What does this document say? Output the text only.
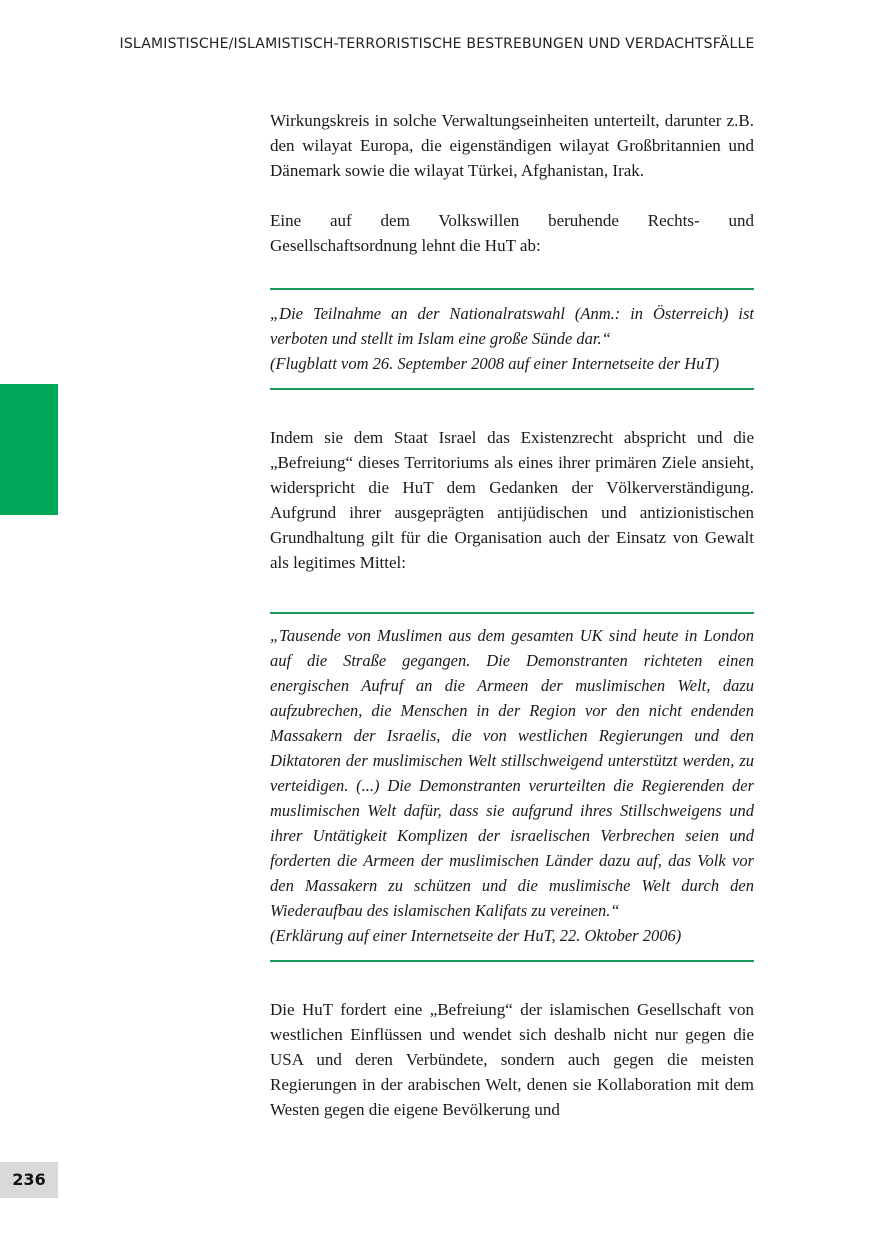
ISLAMISTISCHE/ISLAMISTISCH-TERRORISTISCHE BESTREBUNGEN UND VERDACHTSFÄLLE
236

Wirkungskreis in solche Verwaltungseinheiten unterteilt, darunter z.B. den wilayat Europa, die eigenständigen wilayat Großbritannien und Dänemark sowie die wilayat Türkei, Afghanistan, Irak.

Eine auf dem Volkswillen beruhende Rechts- und Gesellschaftsordnung lehnt die HuT ab:

„Die Teilnahme an der Nationalratswahl (Anm.: in Österreich) ist verboten und stellt im Islam eine große Sünde dar.“
(Flugblatt vom 26. September 2008 auf einer Internetseite der HuT)

Indem sie dem Staat Israel das Existenzrecht abspricht und die „Befreiung“ dieses Territoriums als eines ihrer primären Ziele ansieht, widerspricht die HuT dem Gedanken der Völkerverständigung. Aufgrund ihrer ausgeprägten antijüdischen und antizionistischen Grundhaltung gilt für die Organisation auch der Einsatz von Gewalt als legitimes Mittel:

„Tausende von Muslimen aus dem gesamten UK sind heute in London auf die Straße gegangen. Die Demonstranten richteten einen energischen Aufruf an die Armeen der muslimischen Welt, dazu aufzubrechen, die Menschen in der Region vor den nicht endenden Massakern der Israelis, die von westlichen Regierungen und den Diktatoren der muslimischen Welt stillschweigend unterstützt werden, zu verteidigen. (...) Die Demonstranten verurteilten die Regierenden der muslimischen Welt dafür, dass sie aufgrund ihres Stillschweigens und ihrer Untätigkeit Komplizen der israelischen Verbrechen seien und forderten die Armeen der muslimischen Länder dazu auf, das Volk vor den Massakern zu schützen und die muslimische Welt durch den Wiederaufbau des islamischen Kalifats zu vereinen.“
(Erklärung auf einer Internetseite der HuT, 22. Oktober 2006)

Die HuT fordert eine „Befreiung“ der islamischen Gesellschaft von westlichen Einflüssen und wendet sich deshalb nicht nur gegen die USA und deren Verbündete, sondern auch gegen die meisten Regierungen in der arabischen Welt, denen sie Kollaboration mit dem Westen gegen die eigene Bevölkerung und
